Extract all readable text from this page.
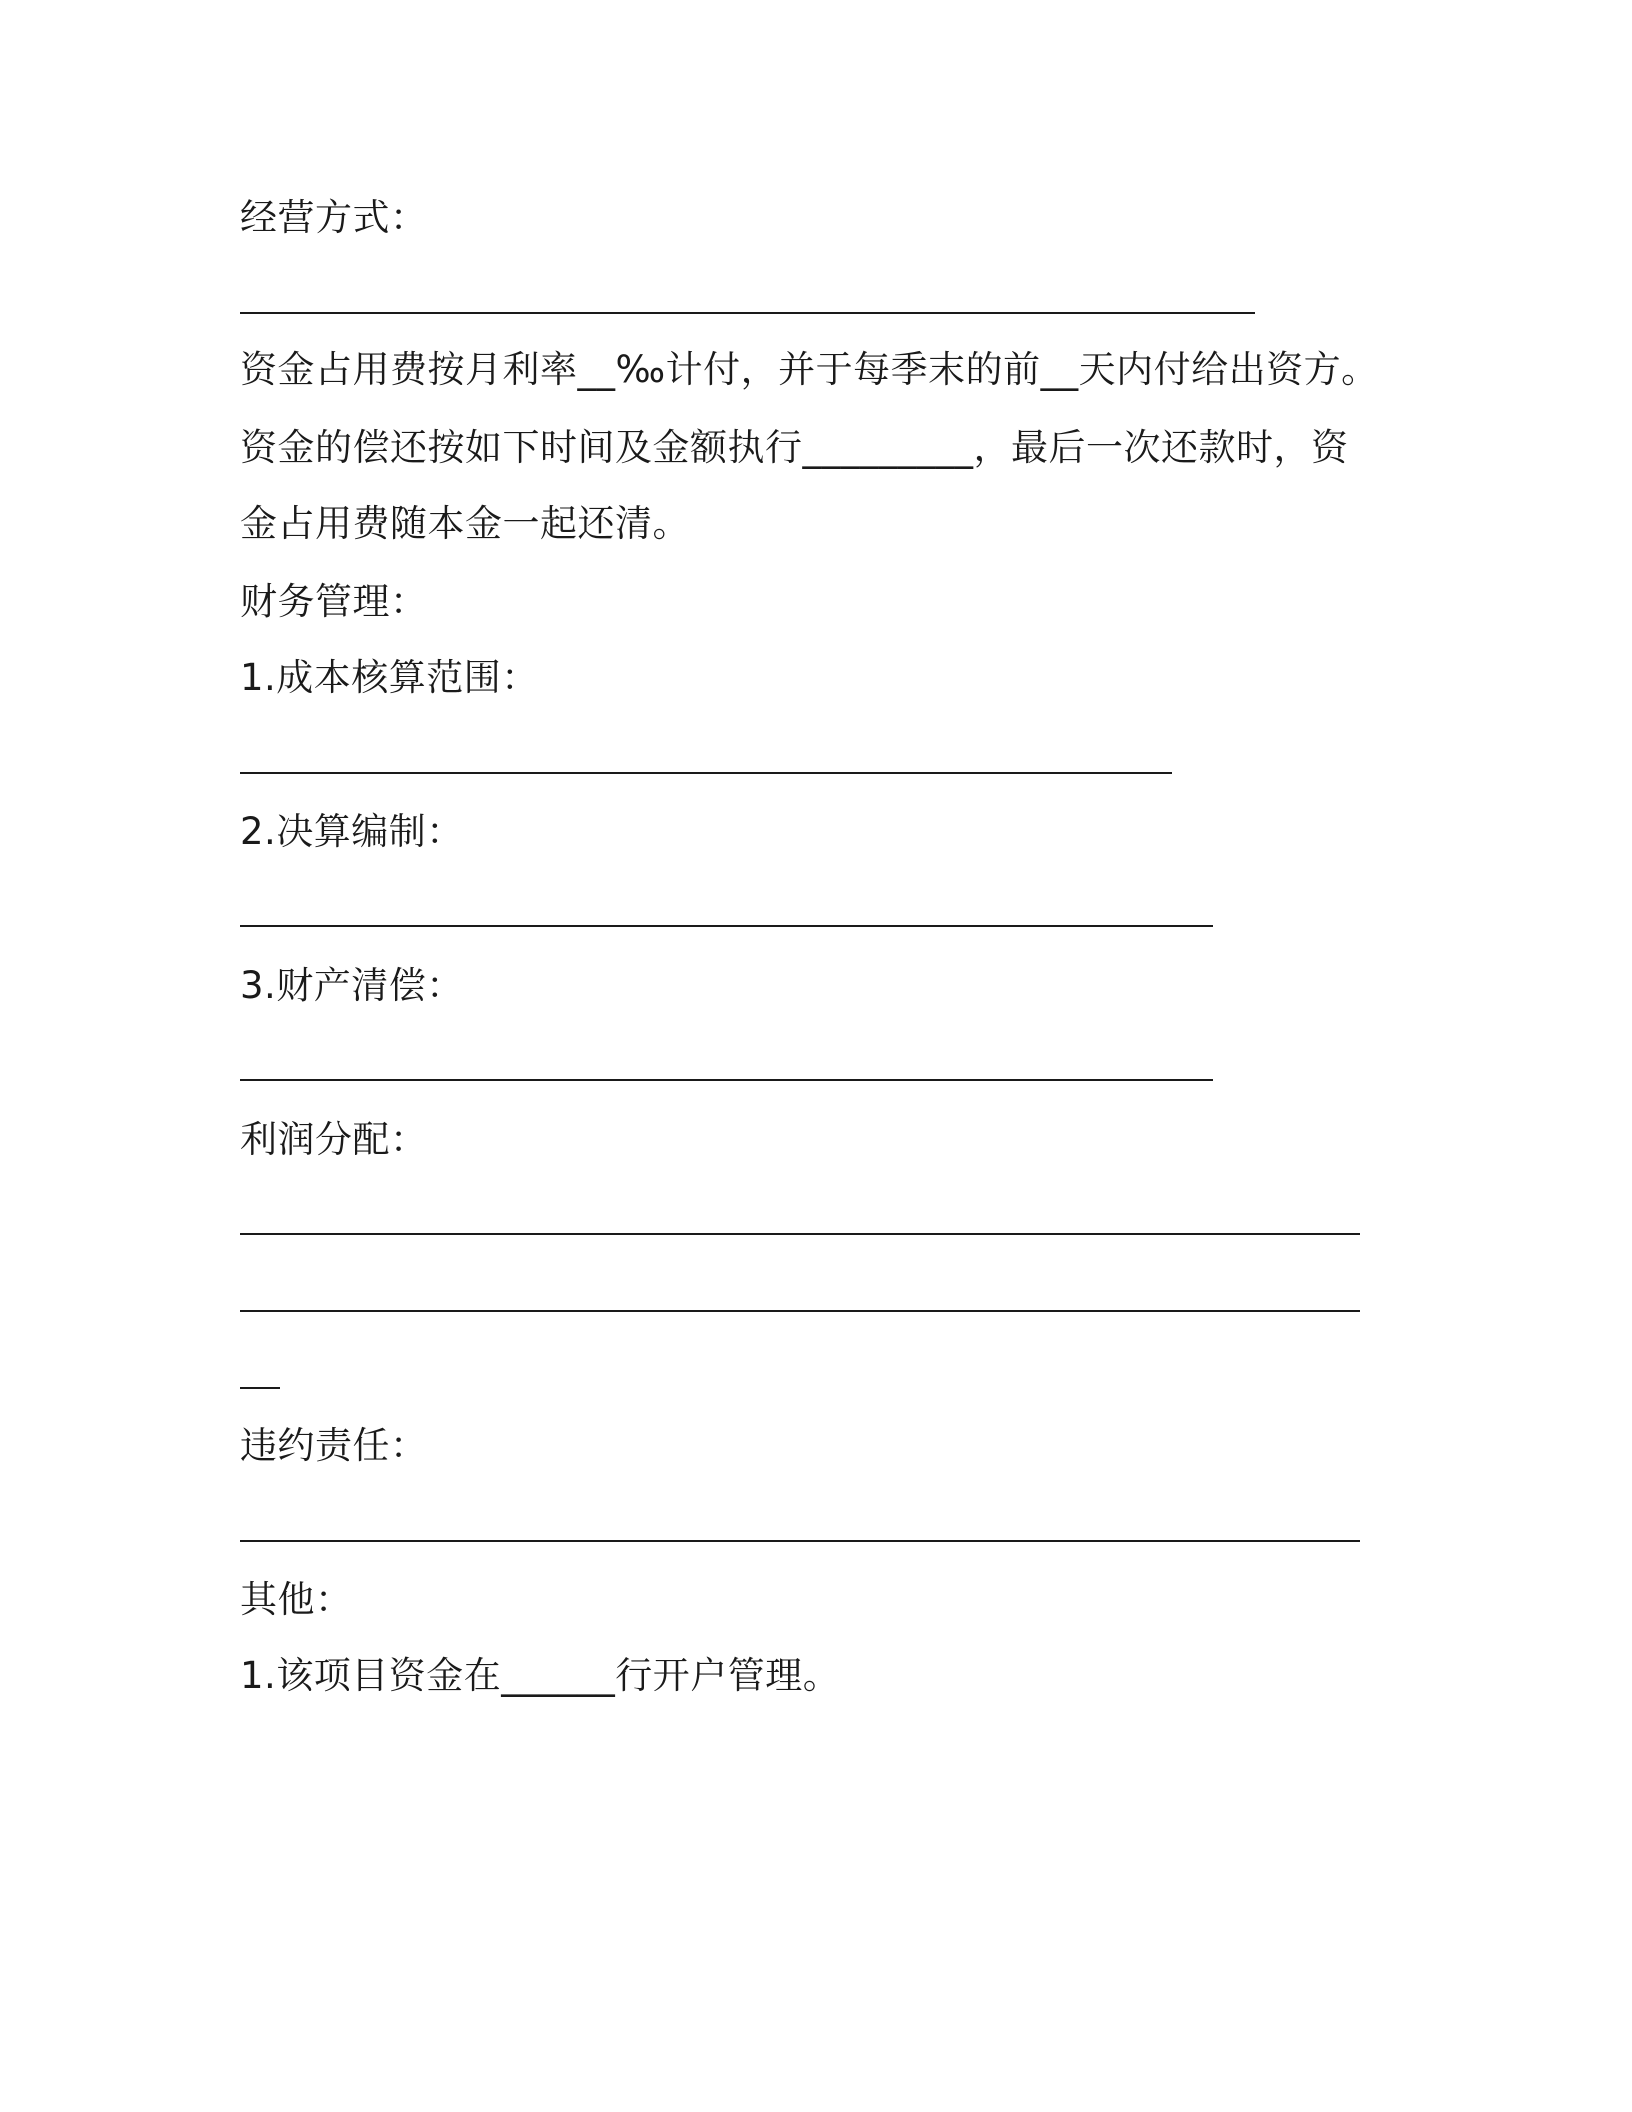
经营方式：
资金占用费按月利率__‰计付，并于每季末的前__天内付给出资方。
资金的偿还按如下时间及金额执行_________，最后一次还款时，资
金占用费随本金一起还清。
财务管理：
1.成本核算范围：
2.决算编制：
3.财产清偿：
利润分配：
违约责任：
其他：
1.该项目资金在______行开户管理。
